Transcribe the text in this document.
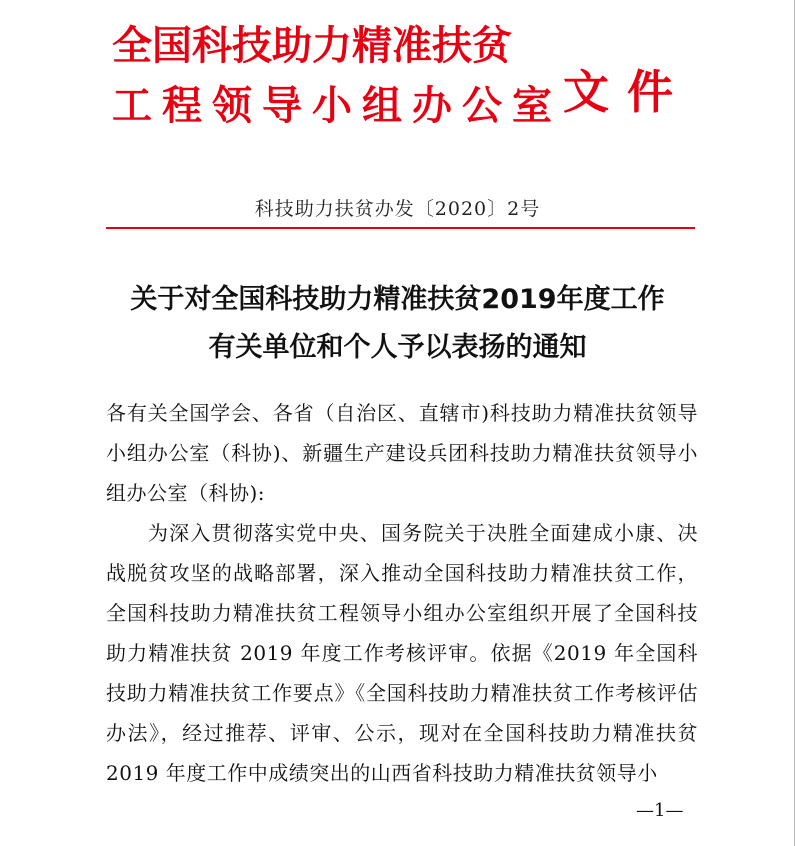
全国科技助力精准扶贫
工程领导小组办公室 文件
科技助力扶贫办发〔2020〕2号
关于对全国科技助力精准扶贫2019年度工作
有关单位和个人予以表扬的通知

各有关全国学会、各省（自治区、直辖市)科技助力精准扶贫领导小组办公室（科协)、新疆生产建设兵团科技助力精准扶贫领导小组办公室（科协):

为深入贯彻落实党中央、国务院关于决胜全面建成小康、决战脱贫攻坚的战略部署，深入推动全国科技助力精准扶贫工作，全国科技助力精准扶贫工程领导小组办公室组织开展了全国科技助力精准扶贫 2019 年度工作考核评审。依据《2019 年全国科技助力精准扶贫工作要点》《全国科技助力精准扶贫工作考核评估办法》，经过推荐、评审、公示，现对在全国科技助力精准扶贫 2019 年度工作中成绩突出的山西省科技助力精准扶贫领导小

—1—
